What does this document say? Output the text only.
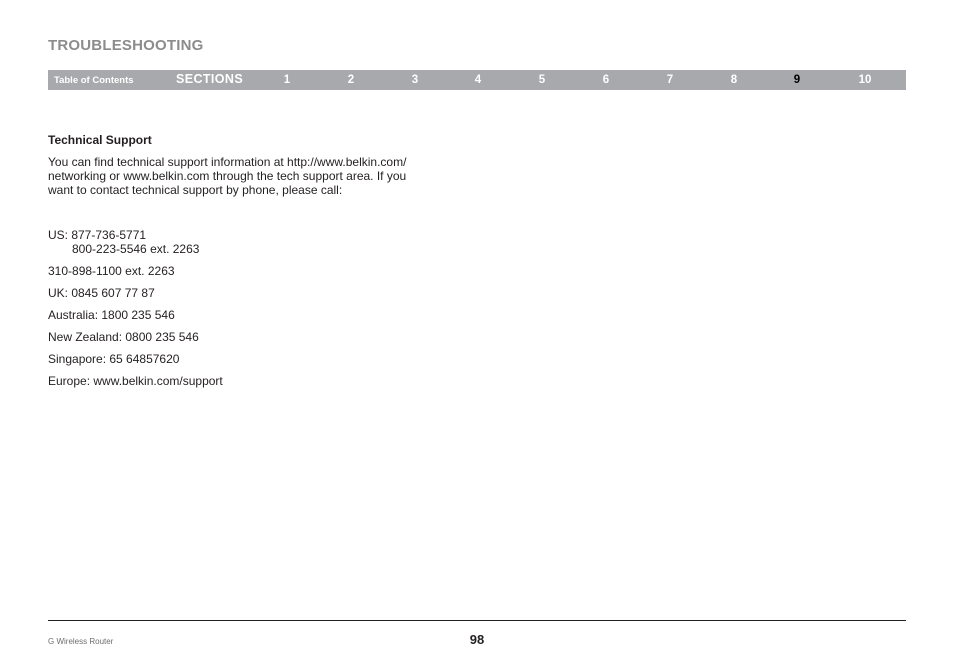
TROUBLESHOOTING
Table of Contents	SECTIONS	1	2	3	4	5	6	7	8	9	10

Technical Support

You can find technical support information at http://www.belkin.com/
networking or www.belkin.com through the tech support area. If you
want to contact technical support by phone, please call:

US: 877-736-5771
800-223-5546 ext. 2263

310-898-1100 ext. 2263

UK: 0845 607 77 87

Australia: 1800 235 546

New Zealand: 0800 235 546

Singapore: 65 64857620

Europe: www.belkin.com/support

G Wireless Router	98
